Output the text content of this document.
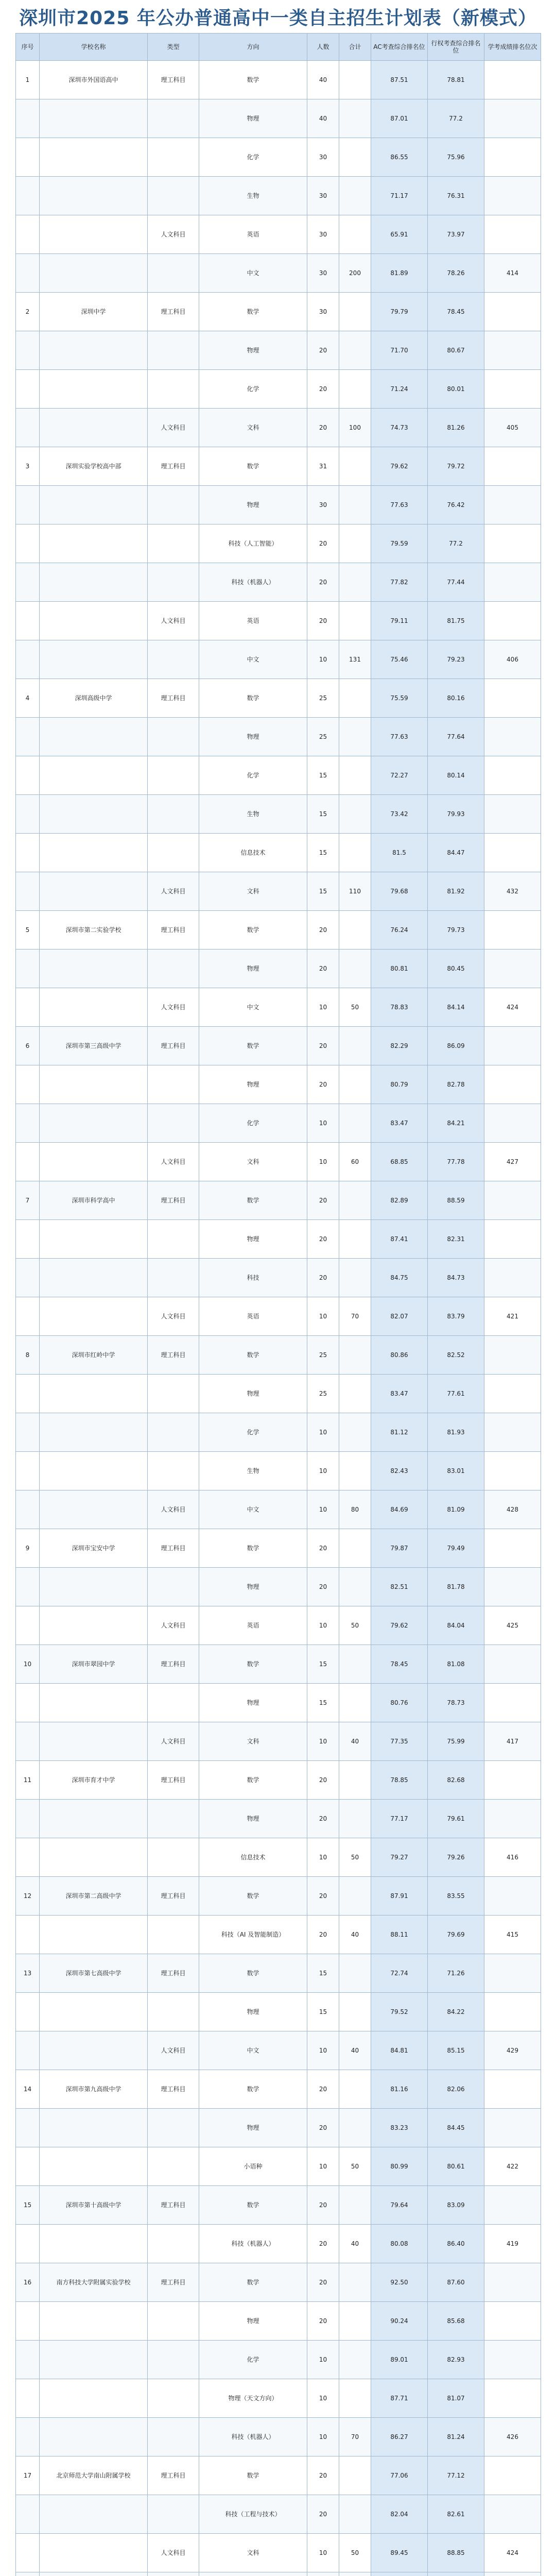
深圳市2025 年公办普通高中一类自主招生计划表（新模式）
序号	学校名称	类型	方向	人数	合计	AC考查综合排名位	行权考查综合排名位	学考成绩排名位次
1	深圳市外国语高中	理工科目	数学	40		87.51	78.81	
			物理	40		87.01	77.2	
			化学	30		86.55	75.96	
			生物	30		71.17	76.31	
		人文科目	英语	30		65.91	73.97	
			中文	30	200	81.89	78.26	414
2	深圳中学	理工科目	数学	30		79.79	78.45	
			物理	20		71.70	80.67	
			化学	20		71.24	80.01	
		人文科目	文科	20	100	74.73	81.26	405
3	深圳实验学校高中部	理工科目	数学	31		79.62	79.72	
			物理	30		77.63	76.42	
			科技（人工智能）	20		79.59	77.2	
			科技（机器人）	20		77.82	77.44	
		人文科目	英语	20		79.11	81.75	
			中文	10	131	75.46	79.23	406
4	深圳高级中学	理工科目	数学	25		75.59	80.16	
			物理	25		77.63	77.64	
			化学	15		72.27	80.14	
			生物	15		73.42	79.93	
			信息技术	15		81.5	84.47	
		人文科目	文科	15	110	79.68	81.92	432
5	深圳市第二实验学校	理工科目	数学	20		76.24	79.73	
			物理	20		80.81	80.45	
		人文科目	中文	10	50	78.83	84.14	424
6	深圳市第三高级中学	理工科目	数学	20		82.29	86.09	
			物理	20		80.79	82.78	
			化学	10		83.47	84.21	
		人文科目	文科	10	60	68.85	77.78	427
7	深圳市科学高中	理工科目	数学	20		82.89	88.59	
			物理	20		87.41	82.31	
			科技	20		84.75	84.73	
		人文科目	英语	10	70	82.07	83.79	421
8	深圳市红岭中学	理工科目	数学	25		80.86	82.52	
			物理	25		83.47	77.61	
			化学	10		81.12	81.93	
			生物	10		82.43	83.01	
		人文科目	中文	10	80	84.69	81.09	428
9	深圳市宝安中学	理工科目	数学	20		79.87	79.49	
			物理	20		82.51	81.78	
		人文科目	英语	10	50	79.62	84.04	425
10	深圳市翠园中学	理工科目	数学	15		78.45	81.08	
			物理	15		80.76	78.73	
		人文科目	文科	10	40	77.35	75.99	417
11	深圳市育才中学	理工科目	数学	20		78.85	82.68	
			物理	20		77.17	79.61	
			信息技术	10	50	79.27	79.26	416
12	深圳市第二高级中学	理工科目	数学	20		87.91	83.55	
			科技（AI 及智能制造）	20	40	88.11	79.69	415
13	深圳市第七高级中学	理工科目	数学	15		72.74	71.26	
			物理	15		79.52	84.22	
		人文科目	中文	10	40	84.81	85.15	429
14	深圳市第九高级中学	理工科目	数学	20		81.16	82.06	
			物理	20		83.23	84.45	
			小语种	10	50	80.99	80.61	422
15	深圳市第十高级中学	理工科目	数学	20		79.64	83.09	
			科技（机器人）	20	40	80.08	86.40	419
16	南方科技大学附属实验学校	理工科目	数学	20		92.50	87.60	
			物理	20		90.24	85.68	
			化学	10		89.01	82.93	
			物理（天文方向）	10		87.71	81.07	
			科技（机器人）	10	70	86.27	81.24	426
17	北京师范大学南山附属学校	理工科目	数学	20		77.06	77.12	
			科技（工程与技术）	20		82.04	82.61	
		人文科目	文科	10	50	89.45	88.85	424
